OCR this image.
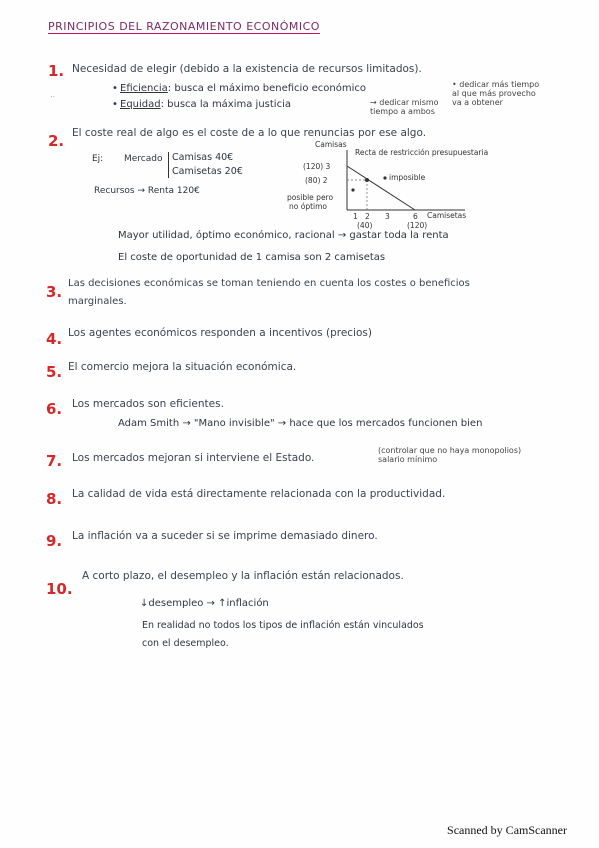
PRINCIPIOS DEL RAZONAMIENTO ECONÓMICO
1. Necesidad de elegir (debido a la existencia de recursos limitados).
..
• Eficiencia: busca el máximo beneficio económico	• dedicar más tiempo
al que más provecho
va a obtener
• Equidad: busca la máxima justicia	→ dedicar mismo
tiempo a ambos
2. El coste real de algo es el coste de a lo que renuncias por ese algo.
Ej: Mercado Camisas 40€
Camisetas 20€
Recursos → Renta 120€
Camisas
Recta de restricción presupuestaria
(120) 3
(80) 2	imposible
posible pero
no óptimo
1 2 3	6 Camisetas
(40)	(120)
Mayor utilidad, óptimo económico, racional → gastar toda la renta
El coste de oportunidad de 1 camisa son 2 camisetas
3. Las decisiones económicas se toman teniendo en cuenta los costes o beneficios
marginales.
4. Los agentes económicos responden a incentivos (precios)
5. El comercio mejora la situación económica.
6. Los mercados son eficientes.
Adam Smith → "Mano invisible" → hace que los mercados funcionen bien
7. Los mercados mejoran si interviene el Estado.
(controlar que no haya monopolios)
salario mínimo
8. La calidad de vida está directamente relacionada con la productividad.
9. La inflación va a suceder si se imprime demasiado dinero.
10.
A corto plazo, el desempleo y la inflación están relacionados.
↓desempleo → ↑inflación
En realidad no todos los tipos de inflación están vinculados
con el desempleo.
Scanned by CamScanner
